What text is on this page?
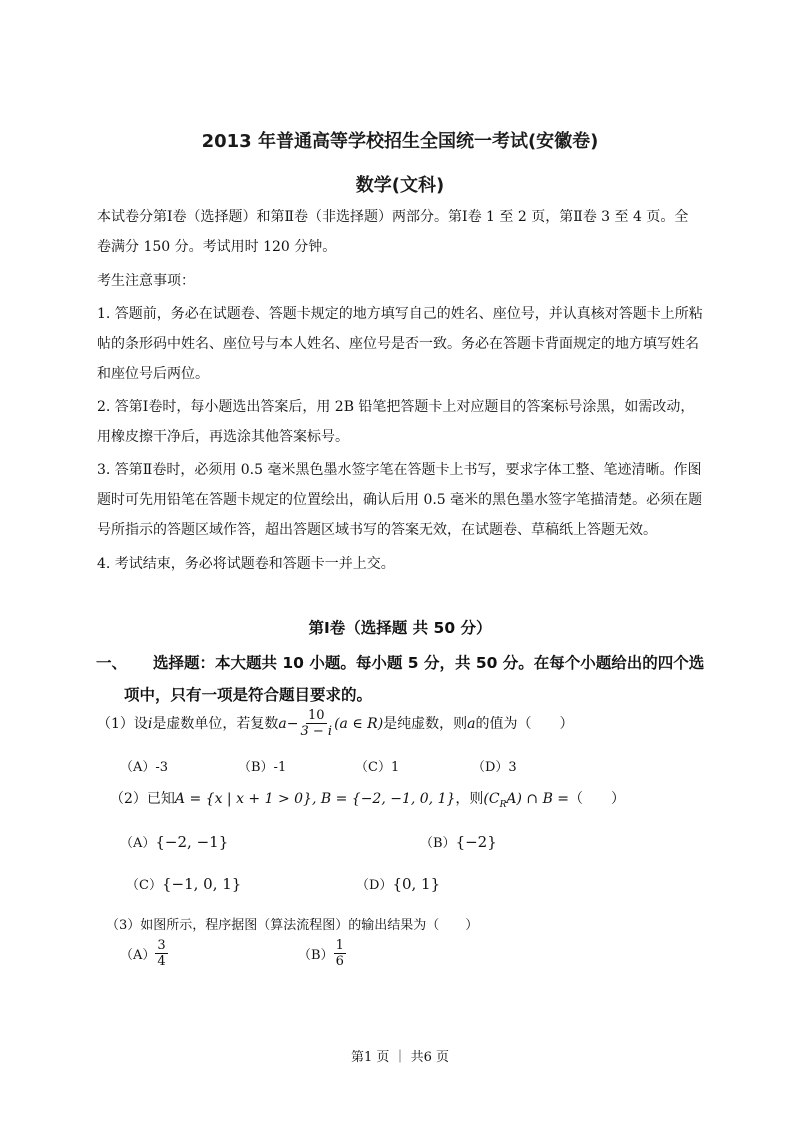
2013 年普通高等学校招生全国统一考试(安徽卷)
数学(文科)
本试卷分第Ⅰ卷（选择题）和第Ⅱ卷（非选择题）两部分。第Ⅰ卷 1 至 2 页，第Ⅱ卷 3 至 4 页。全
卷满分 150 分。考试用时 120 分钟。
考生注意事项：
1. 答题前，务必在试题卷、答题卡规定的地方填写自己的姓名、座位号，并认真核对答题卡上所粘
帖的条形码中姓名、座位号与本人姓名、座位号是否一致。务必在答题卡背面规定的地方填写姓名
和座位号后两位。
2. 答第Ⅰ卷时，每小题选出答案后，用 2B 铅笔把答题卡上对应题目的答案标号涂黑，如需改动，
用橡皮擦干净后，再选涂其他答案标号。
3. 答第Ⅱ卷时，必须用 0.5 毫米黑色墨水签字笔在答题卡上书写，要求字体工整、笔迹清晰。作图
题时可先用铅笔在答题卡规定的位置绘出，确认后用 0.5 毫米的黑色墨水签字笔描清楚。必须在题
号所指示的答题区域作答，超出答题区域书写的答案无效，在试题卷、草稿纸上答题无效。
4. 考试结束，务必将试题卷和答题卡一并上交。
第Ⅰ卷（选择题 共 50 分）
一、 选择题：本大题共 10 小题。每小题 5 分，共 50 分。在每个小题给出的四个选
项中，只有一项是符合题目要求的。
（1）设 i 是虚数单位，若复数 $a - \frac{10}{3 - i} (a$ ∈ R) 是纯虚数，则 a 的值为（　　）
（A）-3	（B）-1	（C）1	（D）3
（2）已知A = {x | x + 1 > 0}, B = {−2, −1, 0, 1}，则$(C_RA)$ ∩ B =（　　）
（A）{−2, −1}	（B）{−2}
（C）{−1, 0, 1}	（D）{0, 1}
（3）如图所示，程序据图（算法流程图）的输出结果为（　　）
$(A) \frac{3}{4}$	$(B) \frac{1}{6}$
第1 页 ｜ 共6 页
